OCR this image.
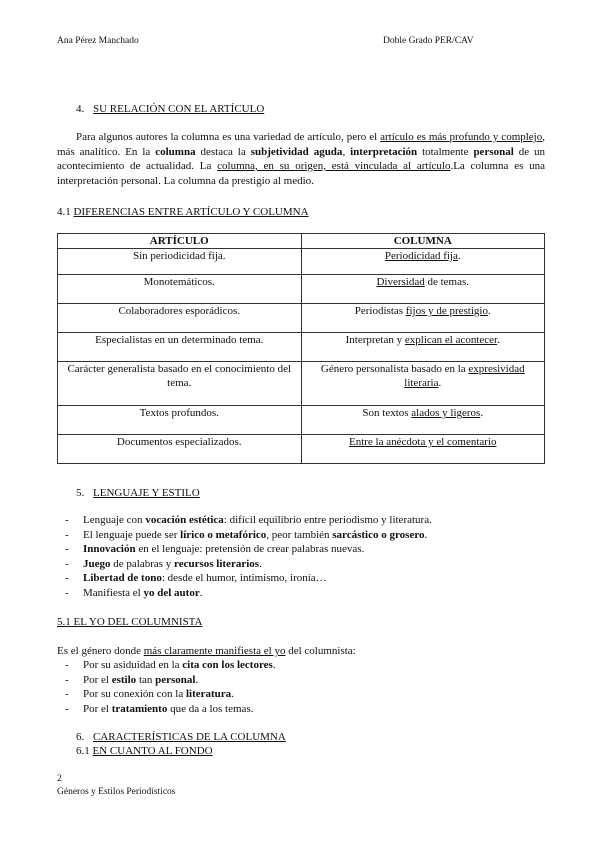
Ana Pérez Manchado	Doble Grado PER/CAV
4. SU RELACIÓN CON EL ARTÍCULO
Para algunos autores la columna es una variedad de artículo, pero el artículo es más profundo y complejo, más analítico. En la columna destaca la subjetividad aguda, interpretación totalmente personal de un acontecimiento de actualidad. La columna, en su origen, está vinculada al artículo.La columna es una interpretación personal. La columna da prestigio al medio.
4.1 DIFERENCIAS ENTRE ARTÍCULO Y COLUMNA
ARTÍCULO	COLUMNA
Sin periodicidad fija.	Periodicidad fija.
Monotemáticos.	Diversidad de temas.
Colaboradores esporádicos.	Periodistas fijos y de prestigio.
Especialistas en un determinado tema.	Interpretan y explican el acontecer.
Carácter generalista basado en el conocimiento del tema.	Género personalista basado en la expresividad literaria.
Textos profundos.	Son textos alados y ligeros.
Documentos especializados.	Entre la anécdota y el comentario
5. LENGUAJE Y ESTILO
- Lenguaje con vocación estética: difícil equilibrio entre periodismo y literatura.
- El lenguaje puede ser lírico o metafórico, peor también sarcástico o grosero.
- Innovación en el lenguaje: pretensión de crear palabras nuevas.
- Juego de palabras y recursos literarios.
- Libertad de tono: desde el humor, intimismo, ironía…
- Manifiesta el yo del autor.
5.1 EL YO DEL COLUMNISTA
Es el género donde más claramente manifiesta el yo del columnista:
- Por su asiduidad en la cita con los lectores.
- Por el estilo tan personal.
- Por su conexión con la literatura.
- Por el tratamiento que da a los temas.
6. CARACTERÍSTICAS DE LA COLUMNA
6.1 EN CUANTO AL FONDO
2
Géneros y Estilos Periodísticos
